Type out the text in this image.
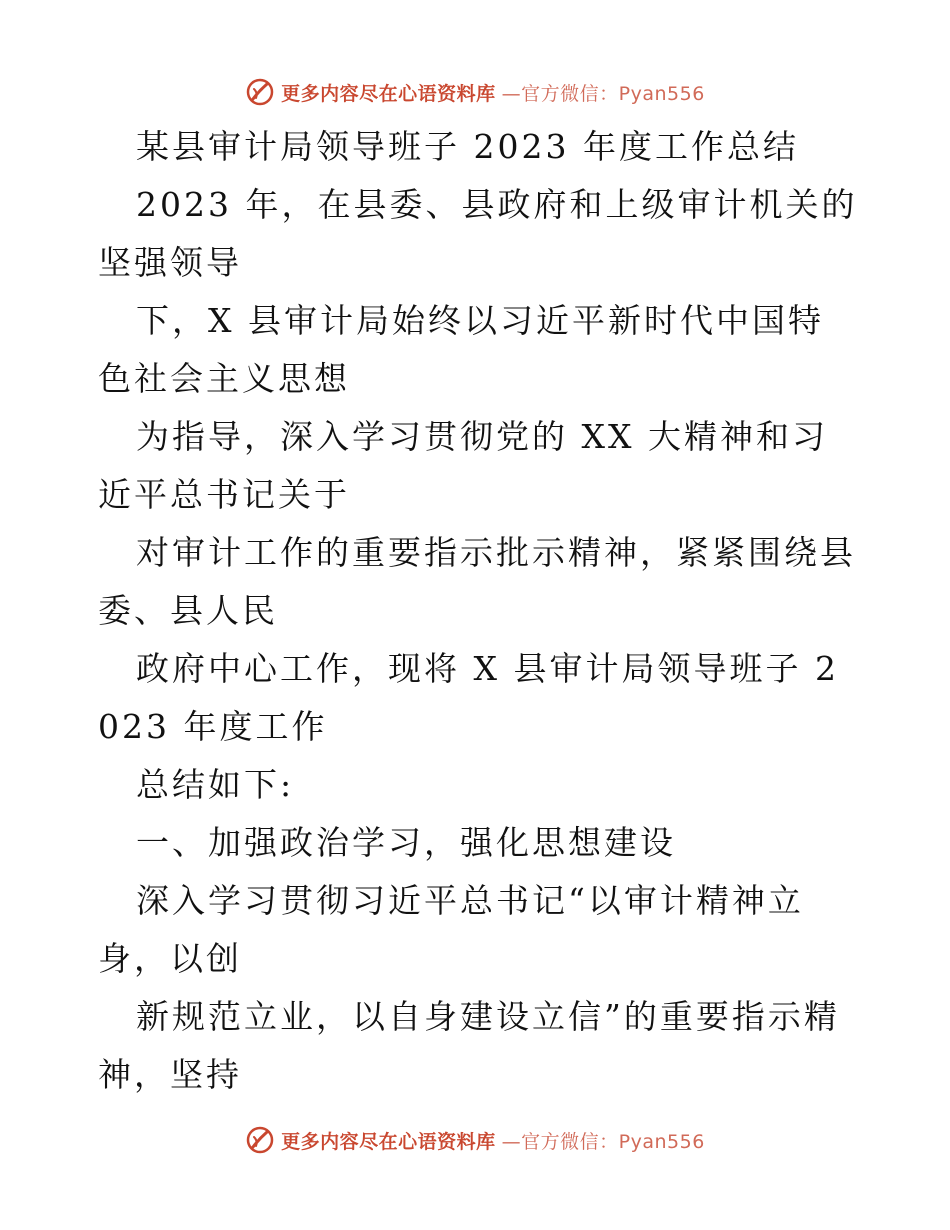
更多内容尽在心语资料库 —官方微信：Pyan556

某县审计局领导班子 2023 年度工作总结

2023 年，在县委、县政府和上级审计机关的坚强领导

下，X 县审计局始终以习近平新时代中国特色社会主义思想

为指导，深入学习贯彻党的 XX 大精神和习近平总书记关于

对审计工作的重要指示批示精神，紧紧围绕县委、县人民

政府中心工作，现将 X 县审计局领导班子 2023 年度工作

总结如下:

一、加强政治学习，强化思想建设

深入学习贯彻习近平总书记“以审计精神立身，以创

新规范立业，以自身建设立信”的重要指示精神，坚持

更多内容尽在心语资料库 —官方微信：Pyan556
